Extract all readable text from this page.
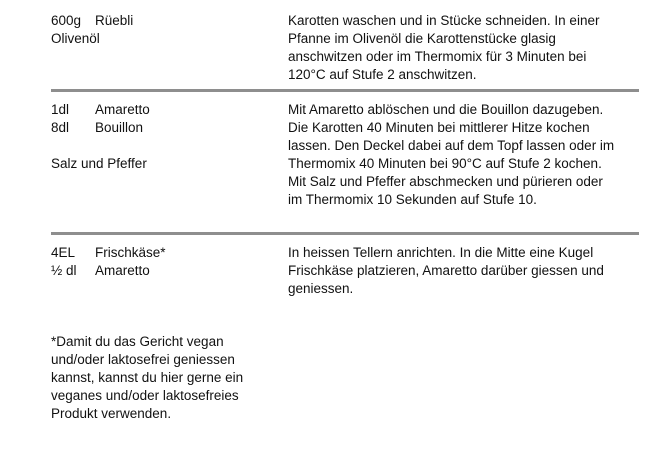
600g	Rüebli
Olivenöl
Karotten waschen und in Stücke schneiden. In einer Pfanne im Olivenöl die Karottenstücke glasig anschwitzen oder im Thermomix für 3 Minuten bei 120°C auf Stufe 2 anschwitzen.
1dl	Amaretto
8dl	Bouillon
Salz und Pfeffer
Mit Amaretto ablöschen und die Bouillon dazugeben. Die Karotten 40 Minuten bei mittlerer Hitze kochen lassen. Den Deckel dabei auf dem Topf lassen oder im Thermomix 40 Minuten bei 90°C auf Stufe 2 kochen. Mit Salz und Pfeffer abschmecken und pürieren oder im Thermomix 10 Sekunden auf Stufe 10.
4EL	Frischkäse*
½ dl	Amaretto
In heissen Tellern anrichten. In die Mitte eine Kugel Frischkäse platzieren, Amaretto darüber giessen und geniessen.
*Damit du das Gericht vegan und/oder laktosefrei geniessen kannst, kannst du hier gerne ein veganes und/oder laktosefreies Produkt verwenden.
